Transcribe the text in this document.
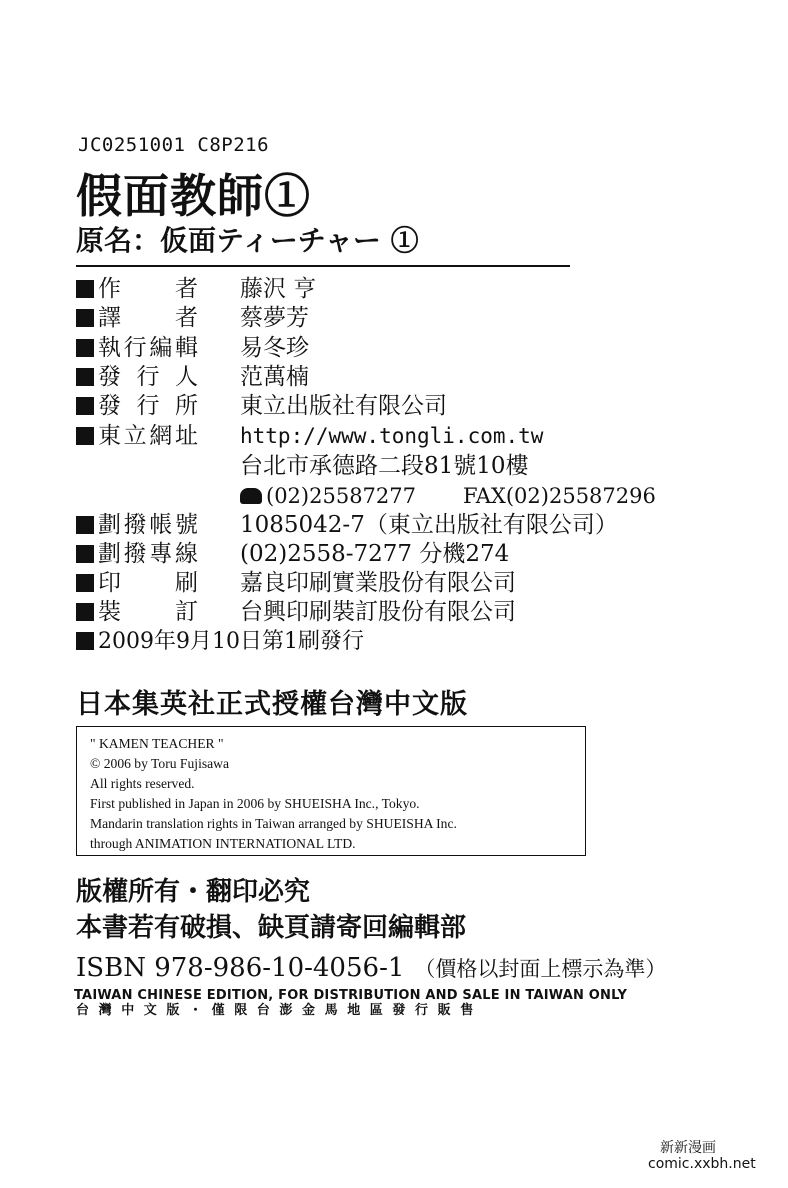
JC0251001 C8P216
假面教師①
原名：仮面ティーチャー ①
作　者	藤沢 亨
譯　者	蔡夢芳
執行編輯	易冬珍
發行人	范萬楠
發行所	東立出版社有限公司
東立網址	http://www.tongli.com.tw
台北市承德路二段81號10樓
(02)25587277 FAX(02)25587296
劃撥帳號	1085042-7（東立出版社有限公司）
劃撥專線	(02)2558-7277 分機274
印　刷	嘉良印刷實業股份有限公司
裝　訂	台興印刷裝訂股份有限公司
2009年9月10日第1刷發行
日本集英社正式授權台灣中文版
" KAMEN TEACHER "
© 2006 by Toru Fujisawa
All rights reserved.
First published in Japan in 2006 by SHUEISHA Inc., Tokyo.
Mandarin translation rights in Taiwan arranged by SHUEISHA Inc.
through ANIMATION INTERNATIONAL LTD.
版權所有・翻印必究
本書若有破損、缺頁請寄回編輯部
ISBN 978-986-10-4056-1 （價格以封面上標示為準）
TAIWAN CHINESE EDITION, FOR DISTRIBUTION AND SALE IN TAIWAN ONLY
台灣中文版・僅限台澎金馬地區發行販售
新新漫画
comic.xxbh.net
